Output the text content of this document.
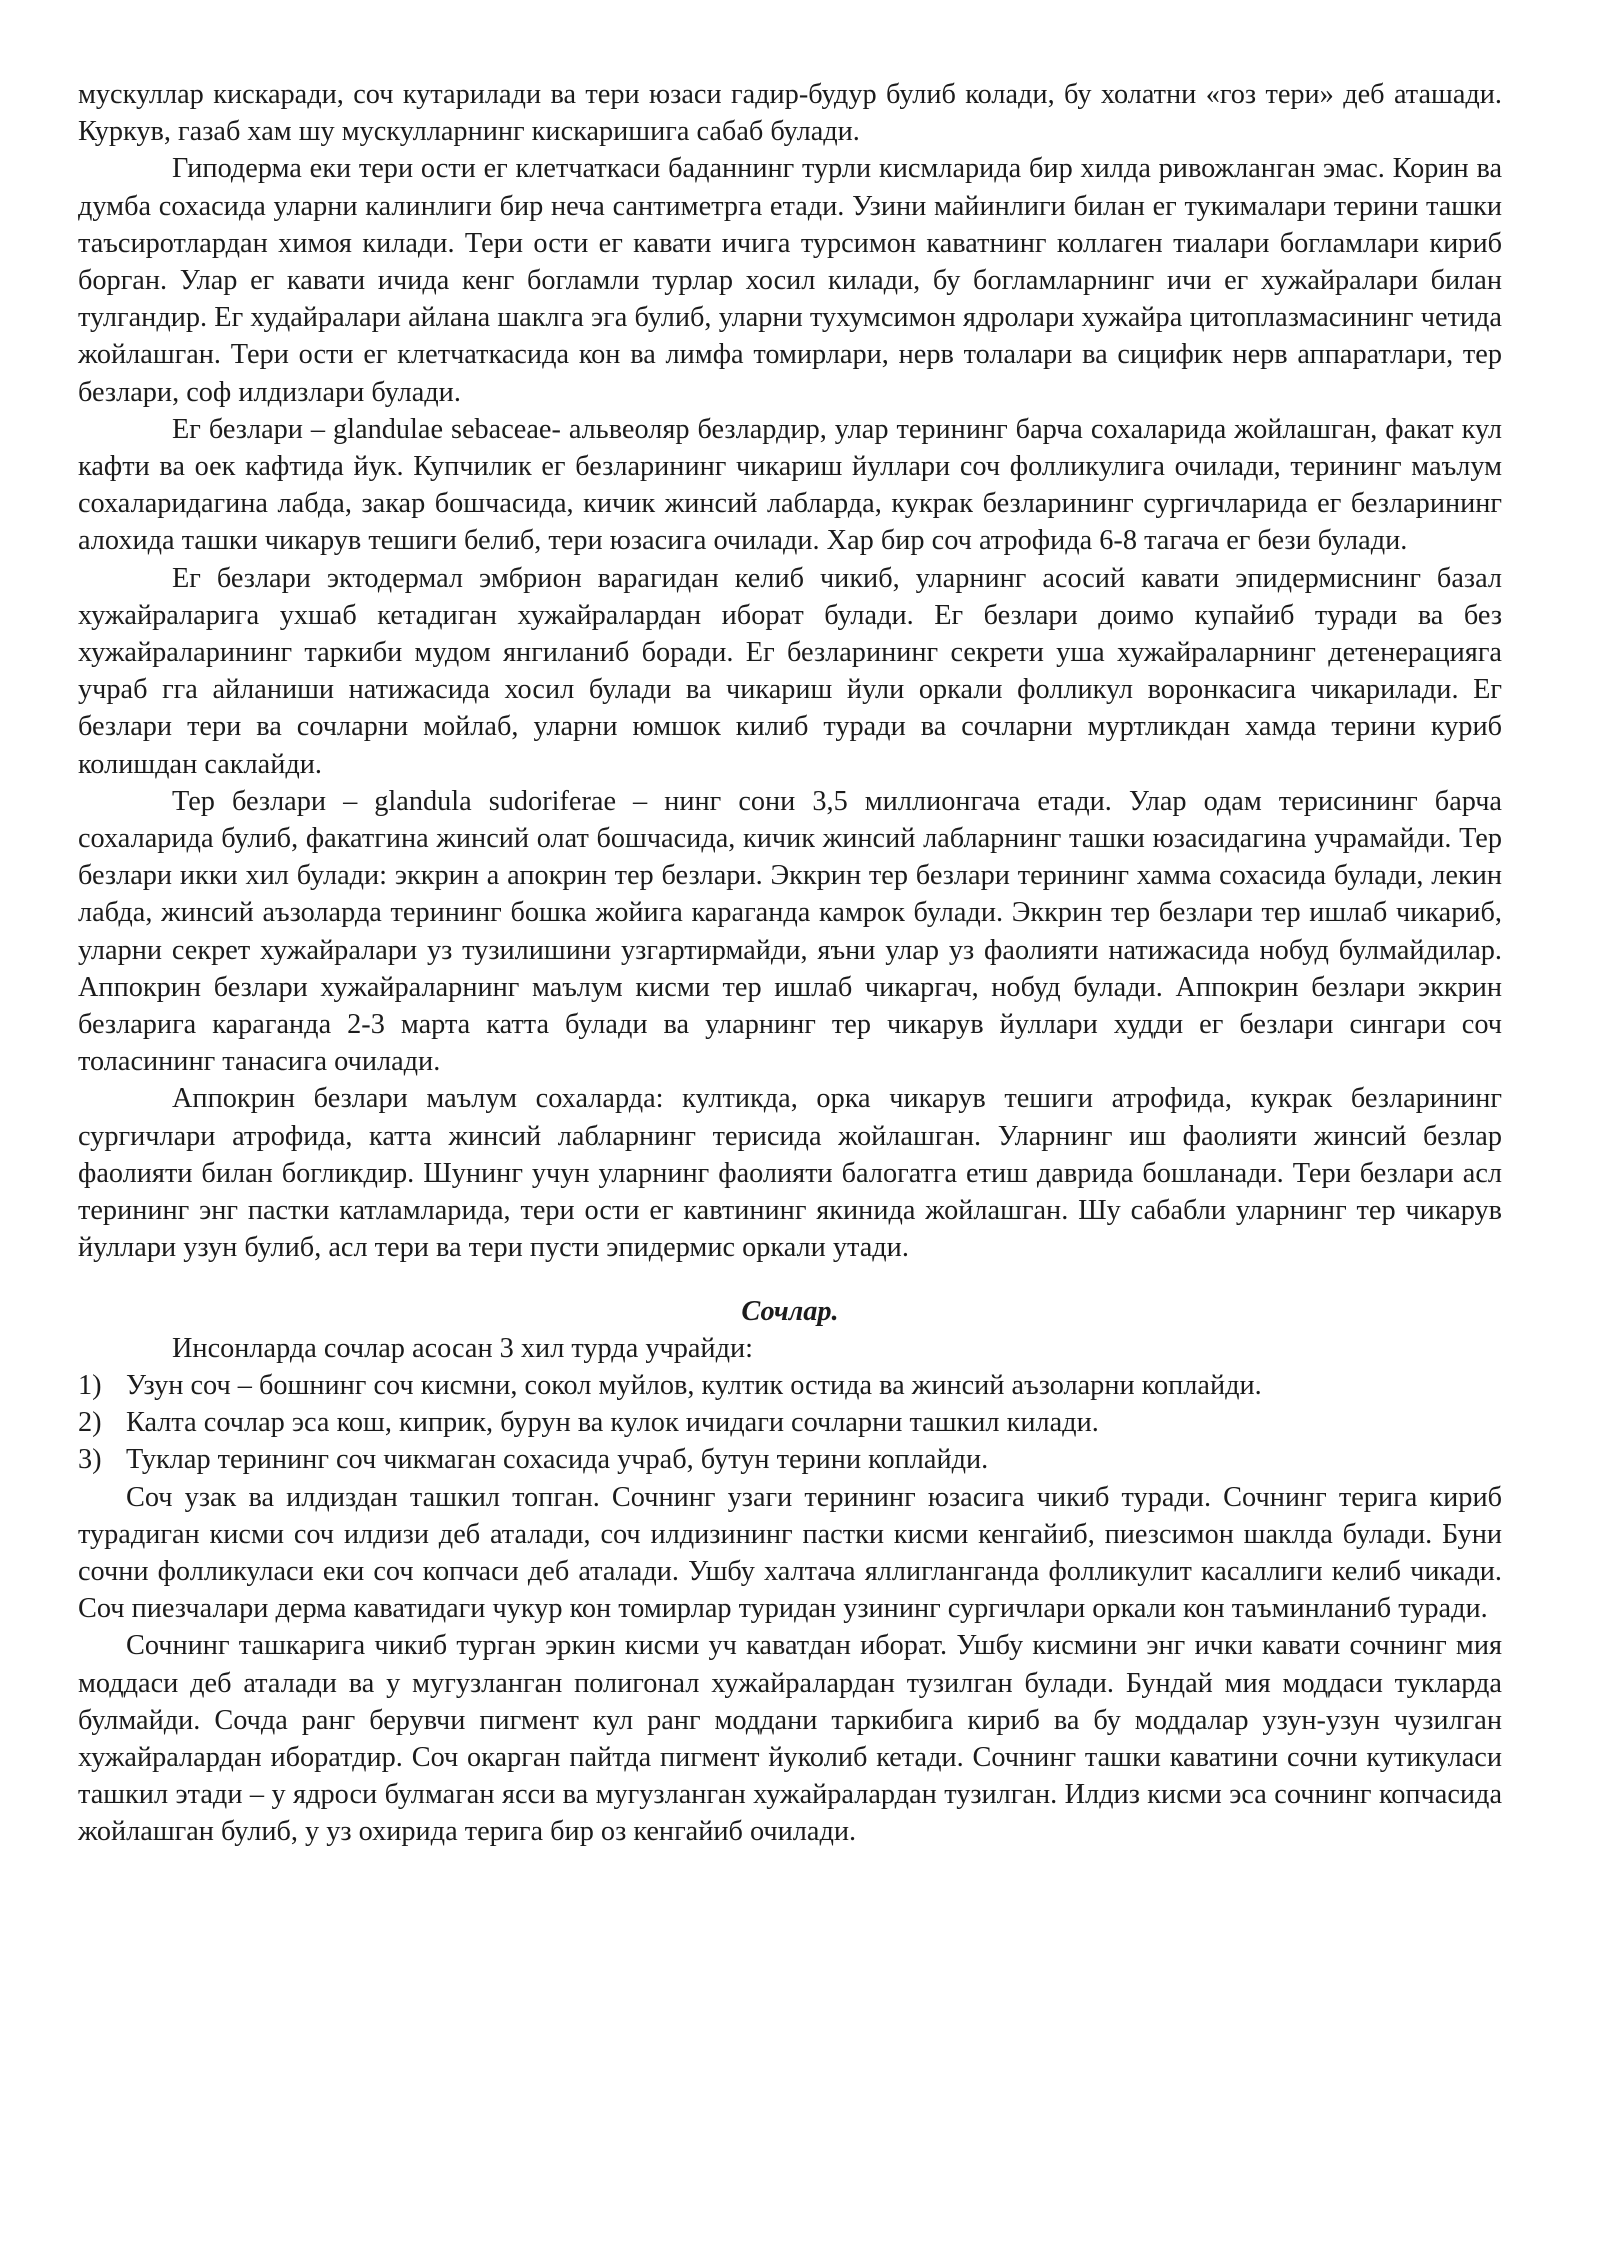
мускуллар кискаради, соч кутарилади ва тери юзаси гадир-будур булиб колади, бу холатни «гоз тери» деб аташади. Куркув, газаб хам шу мускулларнинг кискаришига сабаб булади.

Гиподерма еки тери ости ег клетчаткаси баданнинг турли кисмларида бир хилда ривожланган эмас. Корин ва думба сохасида уларни калинлиги бир неча сантиметрга етади. Узини майинлиги билан ег тукималари терини ташки таъсиротлардан химоя килади. Тери ости ег кавати ичига турсимон каватнинг коллаген тиалари богламлари кириб борган. Улар ег кавати ичида кенг богламли турлар хосил килади, бу богламларнинг ичи ег хужайралари билан тулгандир. Ег худайралари айлана шаклга эга булиб, уларни тухумсимон ядролари хужайра цитоплазмасининг четида жойлашган. Тери ости ег клетчаткасида кон ва лимфа томирлари, нерв толалари ва сицифик нерв аппаратлари, тер безлари, соф илдизлари булади.

Ег безлари – glandulae sebaceae- альвеоляр безлардир, улар терининг барча сохаларида жойлашган, факат кул кафти ва оек кафтида йук. Купчилик ег безларининг чикариш йуллари соч фолликулига очилади, терининг маълум сохаларидагина лабда, закар бошчасида, кичик жинсий лабларда, кукрак безларининг сургичларида ег безларининг алохида ташки чикарув тешиги белиб, тери юзасига очилади. Хар бир соч атрофида 6-8 тагача ег бези булади.

Ег безлари эктодермал эмбрион варагидан келиб чикиб, уларнинг асосий кавати эпидермиснинг базал хужайраларига ухшаб кетадиган хужайралардан иборат булади. Ег безлари доимо купайиб туради ва без хужайраларининг таркиби мудом янгиланиб боради. Ег безларининг секрети уша хужайраларнинг детенерацияга учраб гга айланиши натижасида хосил булади ва чикариш йули оркали фолликул воронкасига чикарилади. Ег безлари тери ва сочларни мойлаб, уларни юмшок килиб туради ва сочларни муртликдан хамда терини куриб колишдан саклайди.

Тер безлари – glandula sudoriferae – нинг сони 3,5 миллионгача етади. Улар одам терисининг барча сохаларида булиб, факатгина жинсий олат бошчасида, кичик жинсий лабларнинг ташки юзасидагина учрамайди. Тер безлари икки хил булади: эккрин а апокрин тер безлари. Эккрин тер безлари терининг хамма сохасида булади, лекин лабда, жинсий аъзоларда терининг бошка жойига караганда камрок булади. Эккрин тер безлари тер ишлаб чикариб, уларни секрет хужайралари уз тузилишини узгартирмайди, яъни улар уз фаолияти натижасида нобуд булмайдилар. Аппокрин безлари хужайраларнинг маълум кисми тер ишлаб чикаргач, нобуд булади. Аппокрин безлари эккрин безларига караганда 2-3 марта катта булади ва уларнинг тер чикарув йуллари худди ег безлари сингари соч толасининг танасига очилади.

Аппокрин безлари маълум сохаларда: култикда, орка чикарув тешиги атрофида, кукрак безларининг сургичлари атрофида, катта жинсий лабларнинг терисида жойлашган. Уларнинг иш фаолияти жинсий безлар фаолияти билан богликдир. Шунинг учун уларнинг фаолияти балогатга етиш даврида бошланади. Тери безлари асл терининг энг пастки катламларида, тери ости ег кавтининг якинида жойлашган. Шу сабабли уларнинг тер чикарув йуллари узун булиб, асл тери ва тери пусти эпидермис оркали утади.

Сочлар.

Инсонларда сочлар асосан 3 хил турда учрайди:

1) Узун соч – бошнинг соч кисмни, сокол муйлов, култик остида ва жинсий аъзоларни коплайди.
2) Калта сочлар эса кош, киприк, бурун ва кулок ичидаги сочларни ташкил килади.
3) Туклар терининг соч чикмаган сохасида учраб, бутун терини коплайди.

Соч узак ва илдиздан ташкил топган. Сочнинг узаги терининг юзасига чикиб туради. Сочнинг терига кириб турадиган кисми соч илдизи деб аталади, соч илдизининг пастки кисми кенгайиб, пиезсимон шаклда булади. Буни сочни фолликуласи еки соч копчаси деб аталади. Ушбу халтача яллигланганда фолликулит касаллиги келиб чикади. Соч пиезчалари дерма каватидаги чукур кон томирлар туридан узининг сургичлари оркали кон таъминланиб туради.

Сочнинг ташкарига чикиб турган эркин кисми уч каватдан иборат. Ушбу кисмини энг ички кавати сочнинг мия моддаси деб аталади ва у мугузланган полигонал хужайралардан тузилган булади. Бундай мия моддаси тукларда булмайди. Сочда ранг берувчи пигмент кул ранг моддани таркибига кириб ва бу моддалар узун-узун чузилган хужайралардан иборатдир. Соч окарган пайтда пигмент йуколиб кетади. Сочнинг ташки каватини сочни кутикуласи ташкил этади – у ядроси булмаган ясси ва мугузланган хужайралардан тузилган. Илдиз кисми эса сочнинг копчасида жойлашган булиб, у уз охирида терига бир оз кенгайиб очилади.
